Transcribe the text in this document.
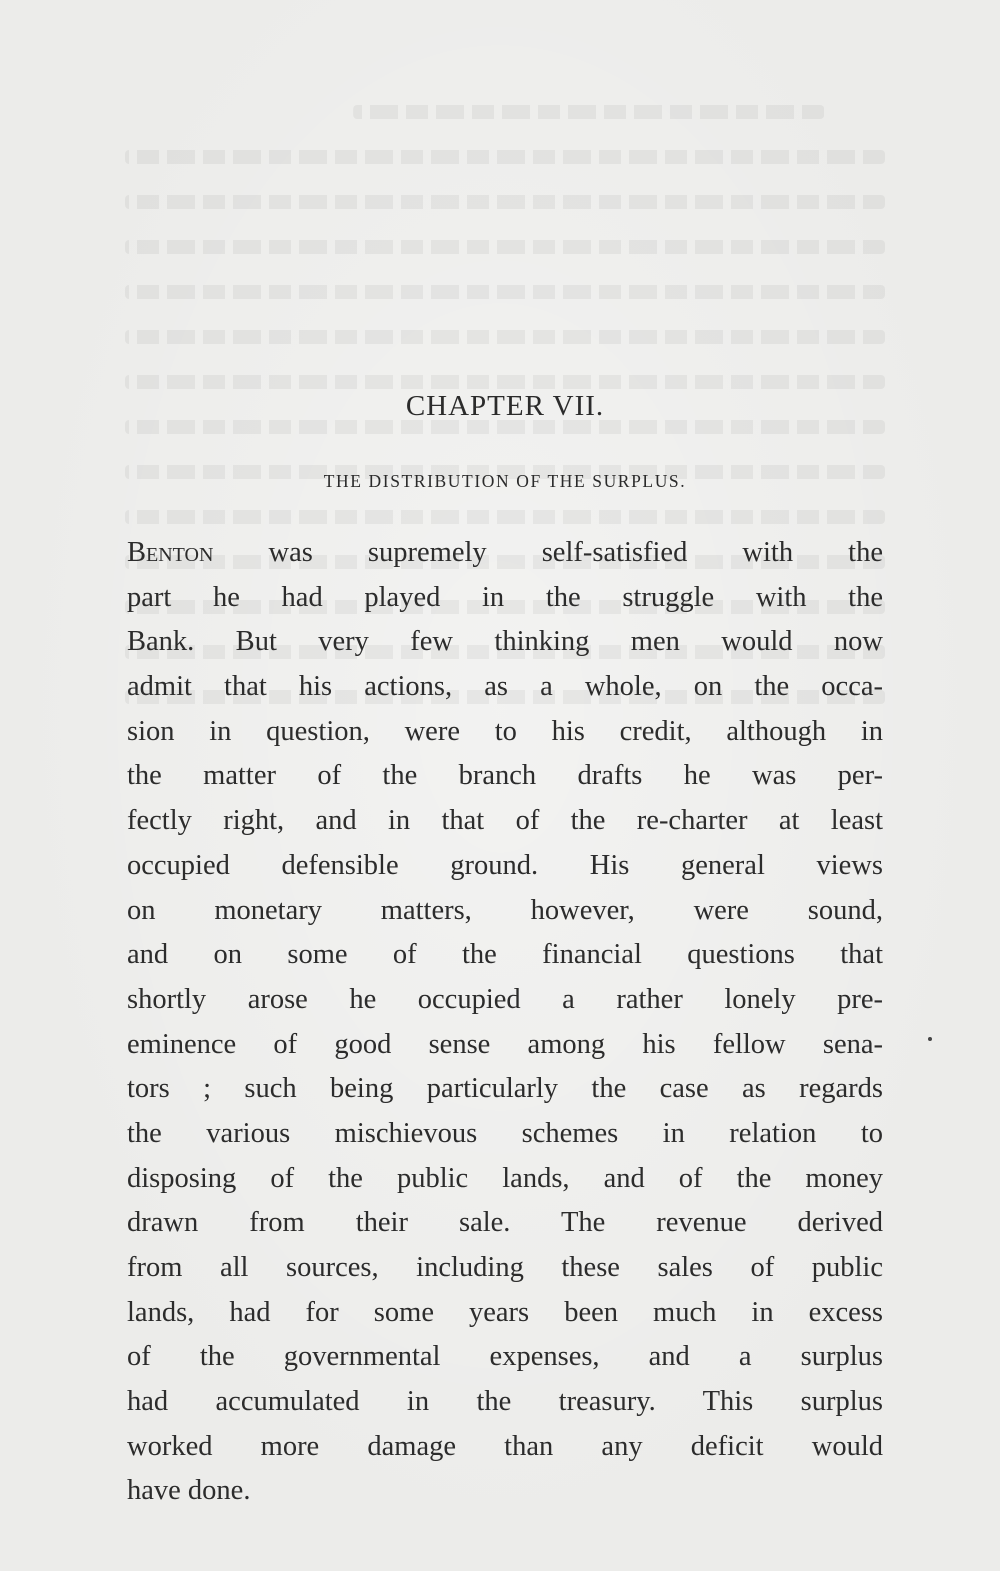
CHAPTER VII.
THE DISTRIBUTION OF THE SURPLUS.
Benton was supremely self-satisfied with the
part he had played in the struggle with the
Bank. But very few thinking men would now
admit that his actions, as a whole, on the occa-
sion in question, were to his credit, although in
the matter of the branch drafts he was per-
fectly right, and in that of the re-charter at least
occupied defensible ground. His general views
on monetary matters, however, were sound,
and on some of the financial questions that
shortly arose he occupied a rather lonely pre-
eminence of good sense among his fellow sena-
tors ; such being particularly the case as regards
the various mischievous schemes in relation to
disposing of the public lands, and of the money
drawn from their sale. The revenue derived
from all sources, including these sales of public
lands, had for some years been much in excess
of the governmental expenses, and a surplus
had accumulated in the treasury. This surplus
worked more damage than any deficit would
have done.
